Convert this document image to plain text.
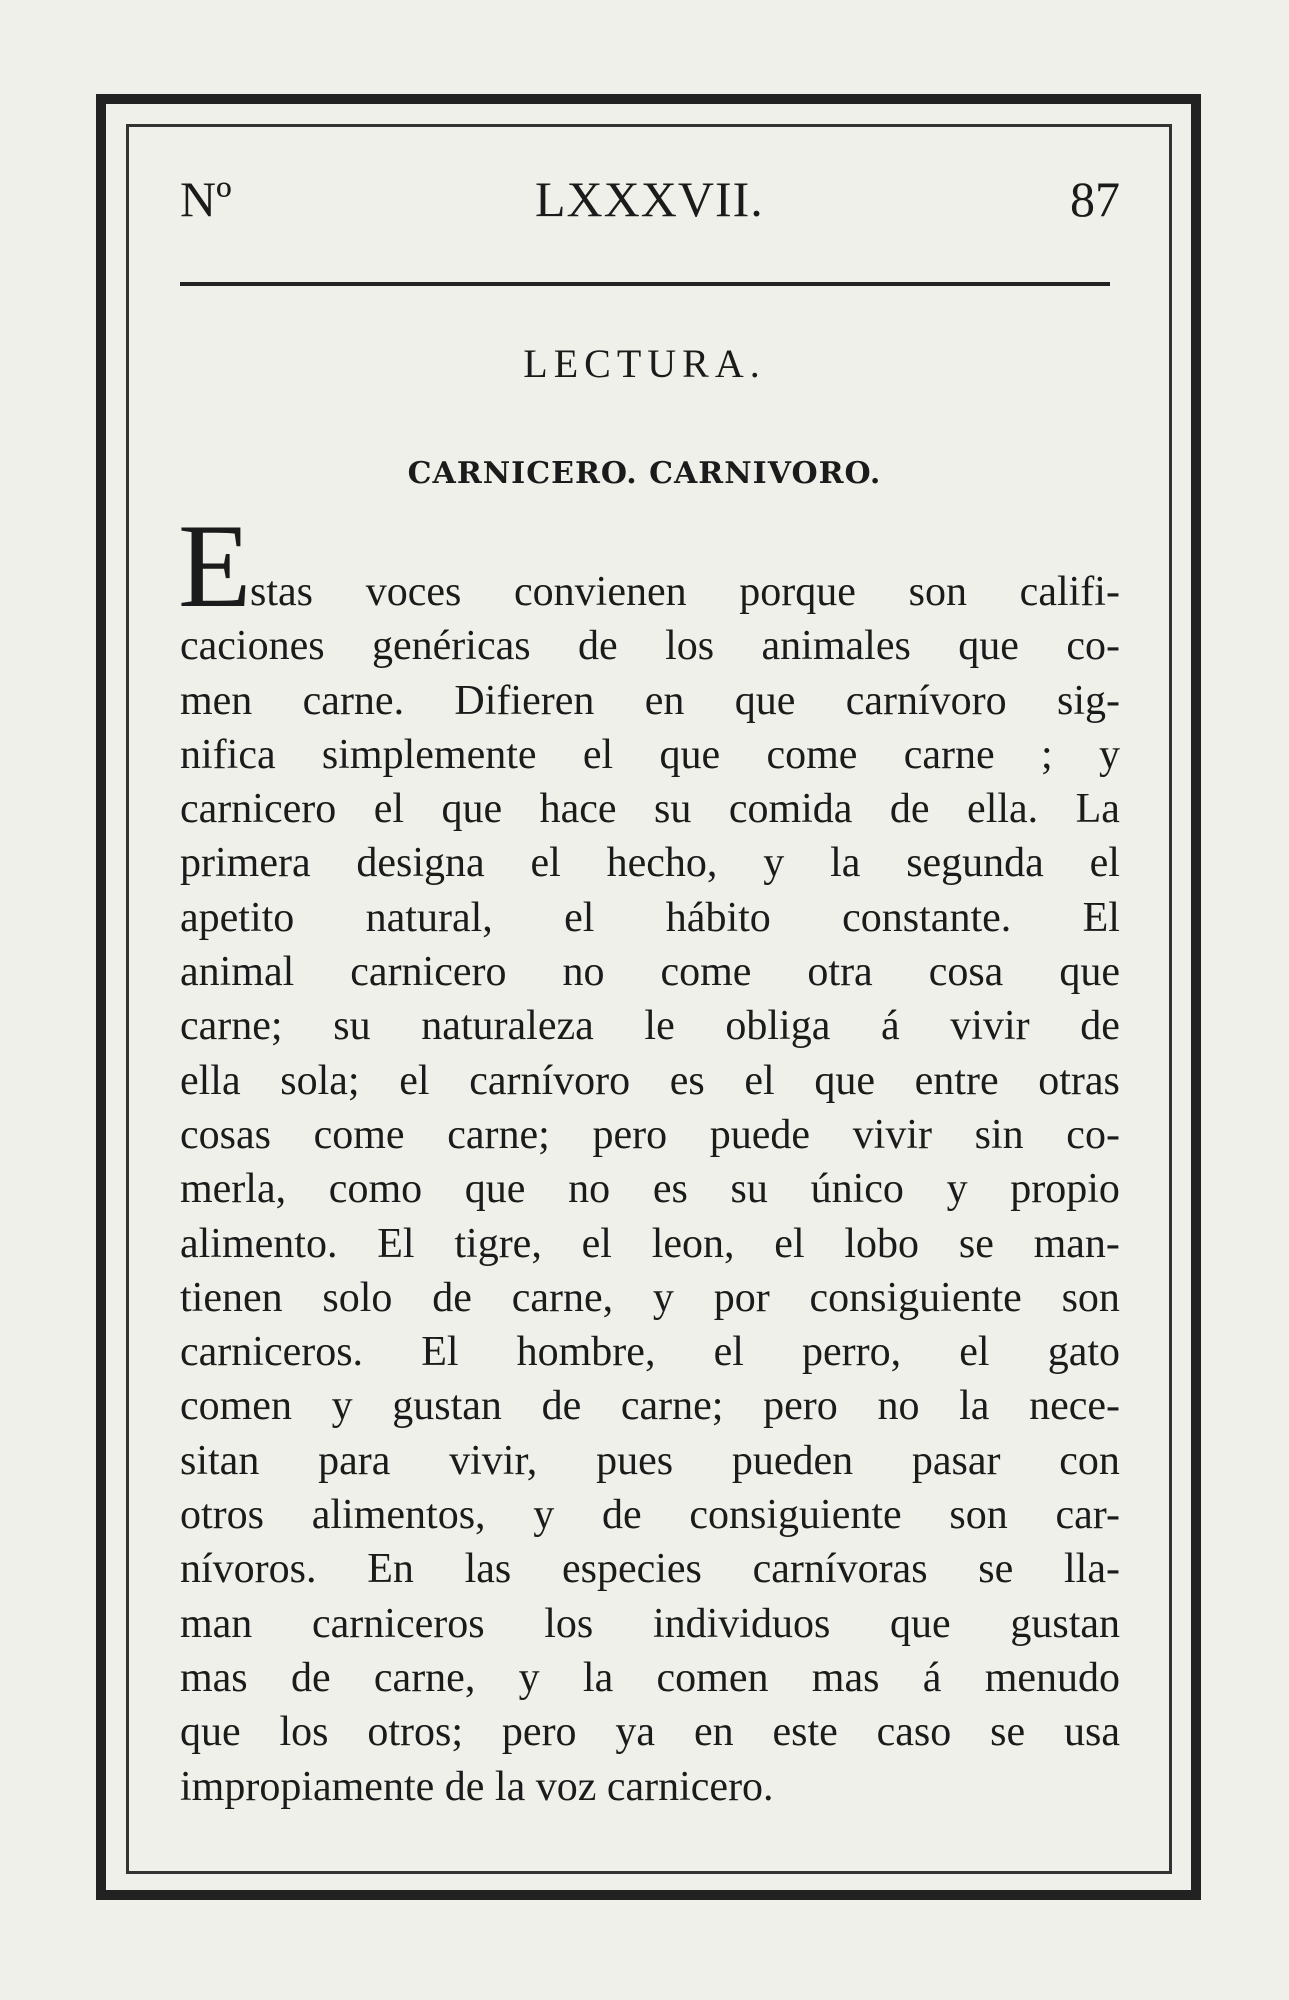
Nº	LXXXVII.	87
LECTURA.
CARNICERO. CARNIVORO.
E
stas voces convienen porque son califi-
caciones genéricas de los animales que co-
men carne. Difieren en que carnívoro sig-
nifica simplemente el que come carne ; y
carnicero el que hace su comida de ella. La
primera designa el hecho, y la segunda el
apetito natural, el hábito constante. El
animal carnicero no come otra cosa que
carne; su naturaleza le obliga á vivir de
ella sola; el carnívoro es el que entre otras
cosas come carne; pero puede vivir sin co-
merla, como que no es su único y propio
alimento. El tigre, el leon, el lobo se man-
tienen solo de carne, y por consiguiente son
carniceros. El hombre, el perro, el gato
comen y gustan de carne; pero no la nece-
sitan para vivir, pues pueden pasar con
otros alimentos, y de consiguiente son car-
nívoros. En las especies carnívoras se lla-
man carniceros los individuos que gustan
mas de carne, y la comen mas á menudo
que los otros; pero ya en este caso se usa
impropiamente de la voz carnicero.
